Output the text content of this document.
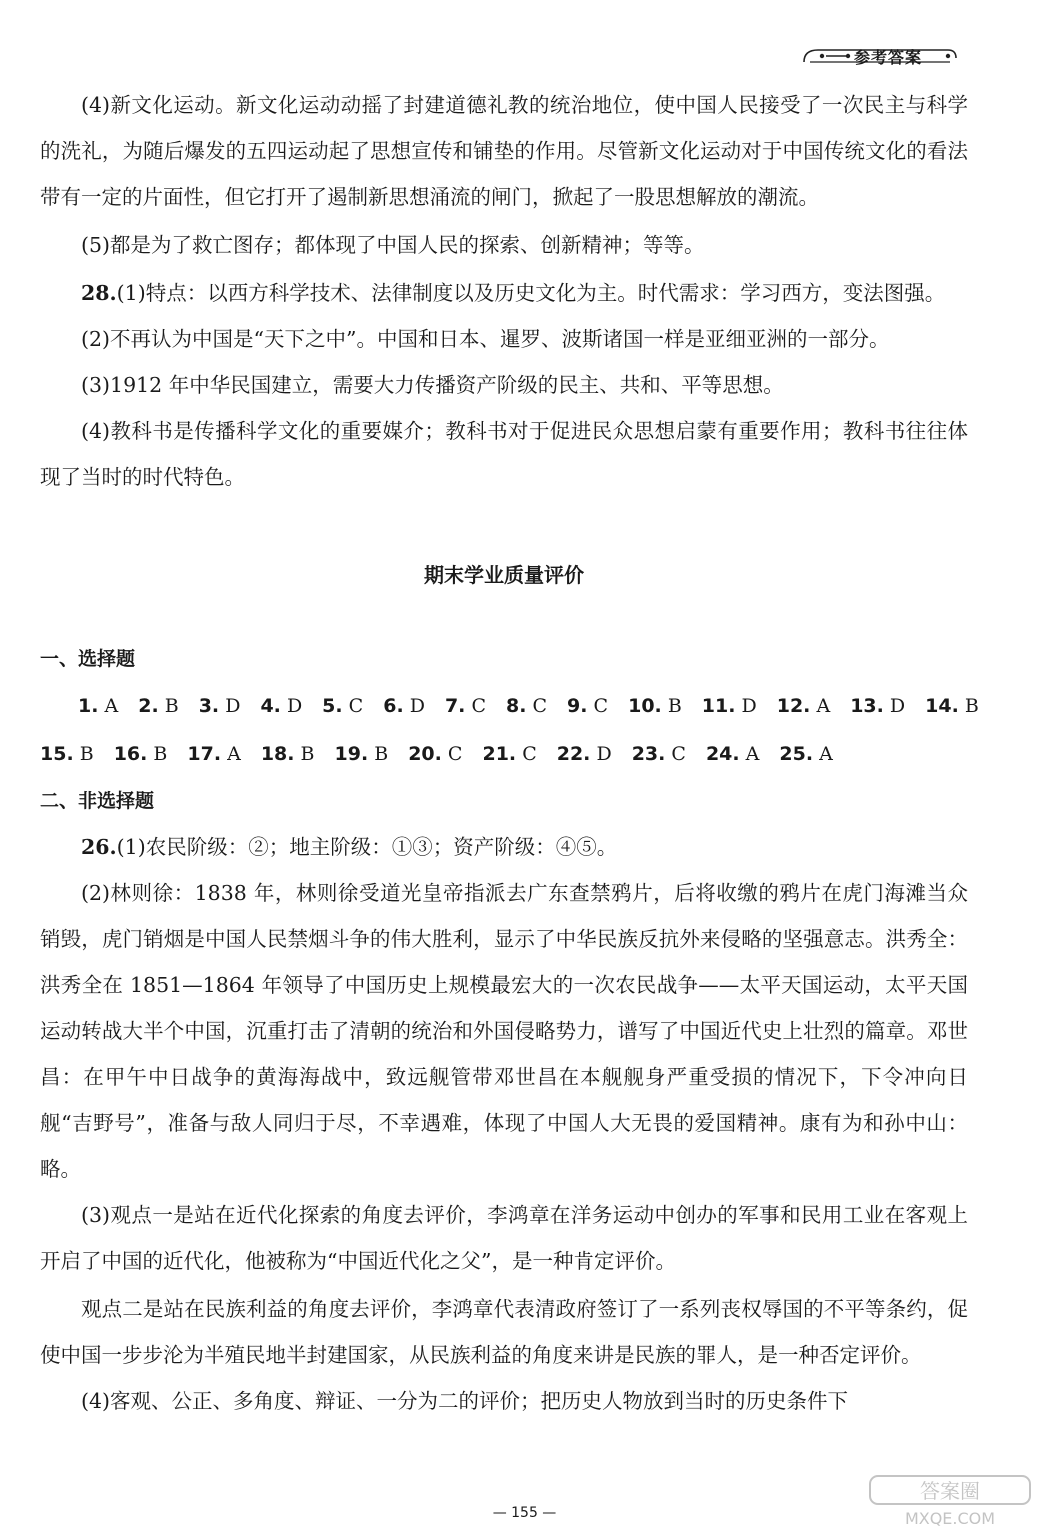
参考答案

(4)新文化运动。新文化运动动摇了封建道德礼教的统治地位，使中国人民接受了一次民主与科学的洗礼，为随后爆发的五四运动起了思想宣传和铺垫的作用。尽管新文化运动对于中国传统文化的看法带有一定的片面性，但它打开了遏制新思想涌流的闸门，掀起了一股思想解放的潮流。

(5)都是为了救亡图存；都体现了中国人民的探索、创新精神；等等。

28.(1)特点：以西方科学技术、法律制度以及历史文化为主。时代需求：学习西方，变法图强。

(2)不再认为中国是“天下之中”。中国和日本、暹罗、波斯诸国一样是亚细亚洲的一部分。

(3)1912 年中华民国建立，需要大力传播资产阶级的民主、共和、平等思想。

(4)教科书是传播科学文化的重要媒介；教科书对于促进民众思想启蒙有重要作用；教科书往往体现了当时的时代特色。

期末学业质量评价

一、选择题

1. A 2. B 3. D 4. D 5. C 6. D 7. C 8. C 9. C 10. B 11. D 12. A 13. D 14. B
15. B 16. B 17. A 18. B 19. B 20. C 21. C 22. D 23. C 24. A 25. A

二、非选择题

26.(1)农民阶级：②；地主阶级：①③；资产阶级：④⑤。

(2)林则徐：1838 年，林则徐受道光皇帝指派去广东查禁鸦片，后将收缴的鸦片在虎门海滩当众销毁，虎门销烟是中国人民禁烟斗争的伟大胜利，显示了中华民族反抗外来侵略的坚强意志。洪秀全：洪秀全在 1851—1864 年领导了中国历史上规模最宏大的一次农民战争——太平天国运动，太平天国运动转战大半个中国，沉重打击了清朝的统治和外国侵略势力，谱写了中国近代史上壮烈的篇章。邓世昌：在甲午中日战争的黄海海战中，致远舰管带邓世昌在本舰舰身严重受损的情况下，下令冲向日舰“吉野号”，准备与敌人同归于尽，不幸遇难，体现了中国人大无畏的爱国精神。康有为和孙中山：略。

(3)观点一是站在近代化探索的角度去评价，李鸿章在洋务运动中创办的军事和民用工业在客观上开启了中国的近代化，他被称为“中国近代化之父”，是一种肯定评价。

观点二是站在民族利益的角度去评价，李鸿章代表清政府签订了一系列丧权辱国的不平等条约，促使中国一步步沦为半殖民地半封建国家，从民族利益的角度来讲是民族的罪人，是一种否定评价。

(4)客观、公正、多角度、辩证、一分为二的评价；把历史人物放到当时的历史条件下

— 155 —
答案圈
MXQE.COM
